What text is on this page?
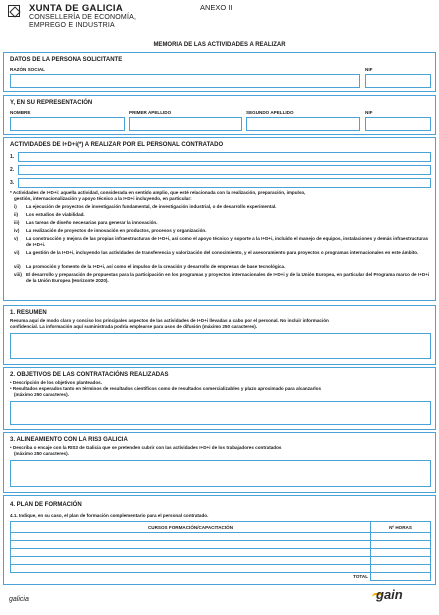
XUNTA DE GALICIA
CONSELLERÍA DE ECONOMÍA,
EMPREGO E INDUSTRIA
ANEXO II
MEMORIA DE LAS ACTIVIDADES A REALIZAR
DATOS DE LA PERSONA SOLICITANTE
RAZÓN SOCIAL	NIF
Y, EN SU REPRESENTACIÓN
NOMBRE	PRIMER APELLIDO	SEGUNDO APELLIDO	NIF
ACTIVIDADES DE I+D+i(*) A REALIZAR POR EL PERSONAL CONTRATADO
1.
2.
3.
* Actividades de I+D+i: aquella actividad, considerada en sentido amplio, que esté relacionada con la realización, preparación, impulso,
gestión, internacionalización y apoyo técnico a la I+D+i incluyendo, en particular:
i) La ejecución de proyectos de investigación fundamental, de investigación industrial, o de desarrollo experimental.
ii) Los estudios de viabilidad.
iii) Las tareas de diseño necesarias para generar la innovación.
iv) La realización de proyectos de innovación en productos, procesos y organización.
v) La construcción y mejora de las propias infraestructuras de I+D+i, así como el apoyo técnico y soporte a la I+D+i, incluido el manejo de equipos, instalaciones y demás infraestructuras de I+D+i.
vi) La gestión de la I+D+i, incluyendo las actividades de transferencia y valorización del conocimiento, y el asesoramiento para proyectos o programas internacionales en este ámbito.
vii) La promoción y fomento de la I+D+i, así como el impulso de la creación y desarrollo de empresas de base tecnológica.
viii) El desarrollo y preparación de propuestas para la participación en los programas y proyectos internacionales de I+D+i y de la Unión Europea, en particular del Programa marco de I+D+i de la Unión Europea (Horizonte 2020).
1. RESUMEN
Resuma aquí de modo claro y conciso los principales aspectos de las actividades de I+D+i llevadas a cabo por el personal. No incluir información
confidencial. La información aquí suministrada podría emplearse para usos de difusión (máximo 250 caracteres).
2. OBJETIVOS DE LAS CONTRATACIÓNS REALIZADAS
• Descripción de los objetivos planteados.
• Resultados esperados tanto en términos de resultados científicos como de resultados comercializables y plazo aproximado para alcanzarlos
(máximo 250 caracteres).
3. ALINEAMIENTO CON LA RIS3 GALICIA
• Describa o encaje con la RIS3 de Galicia que se pretenden cubrir con las actividades I+D+i de los trabajadores contratados
(máximo 250 caracteres).
4. PLAN DE FORMACIÓN
4.1. Indique, en su caso, el plan de formación complementario para el personal contratado.
CURSOS FORMACIÓN/CAPACITACIÓN	Nº HORAS

TOTAL	
galicia	gain
